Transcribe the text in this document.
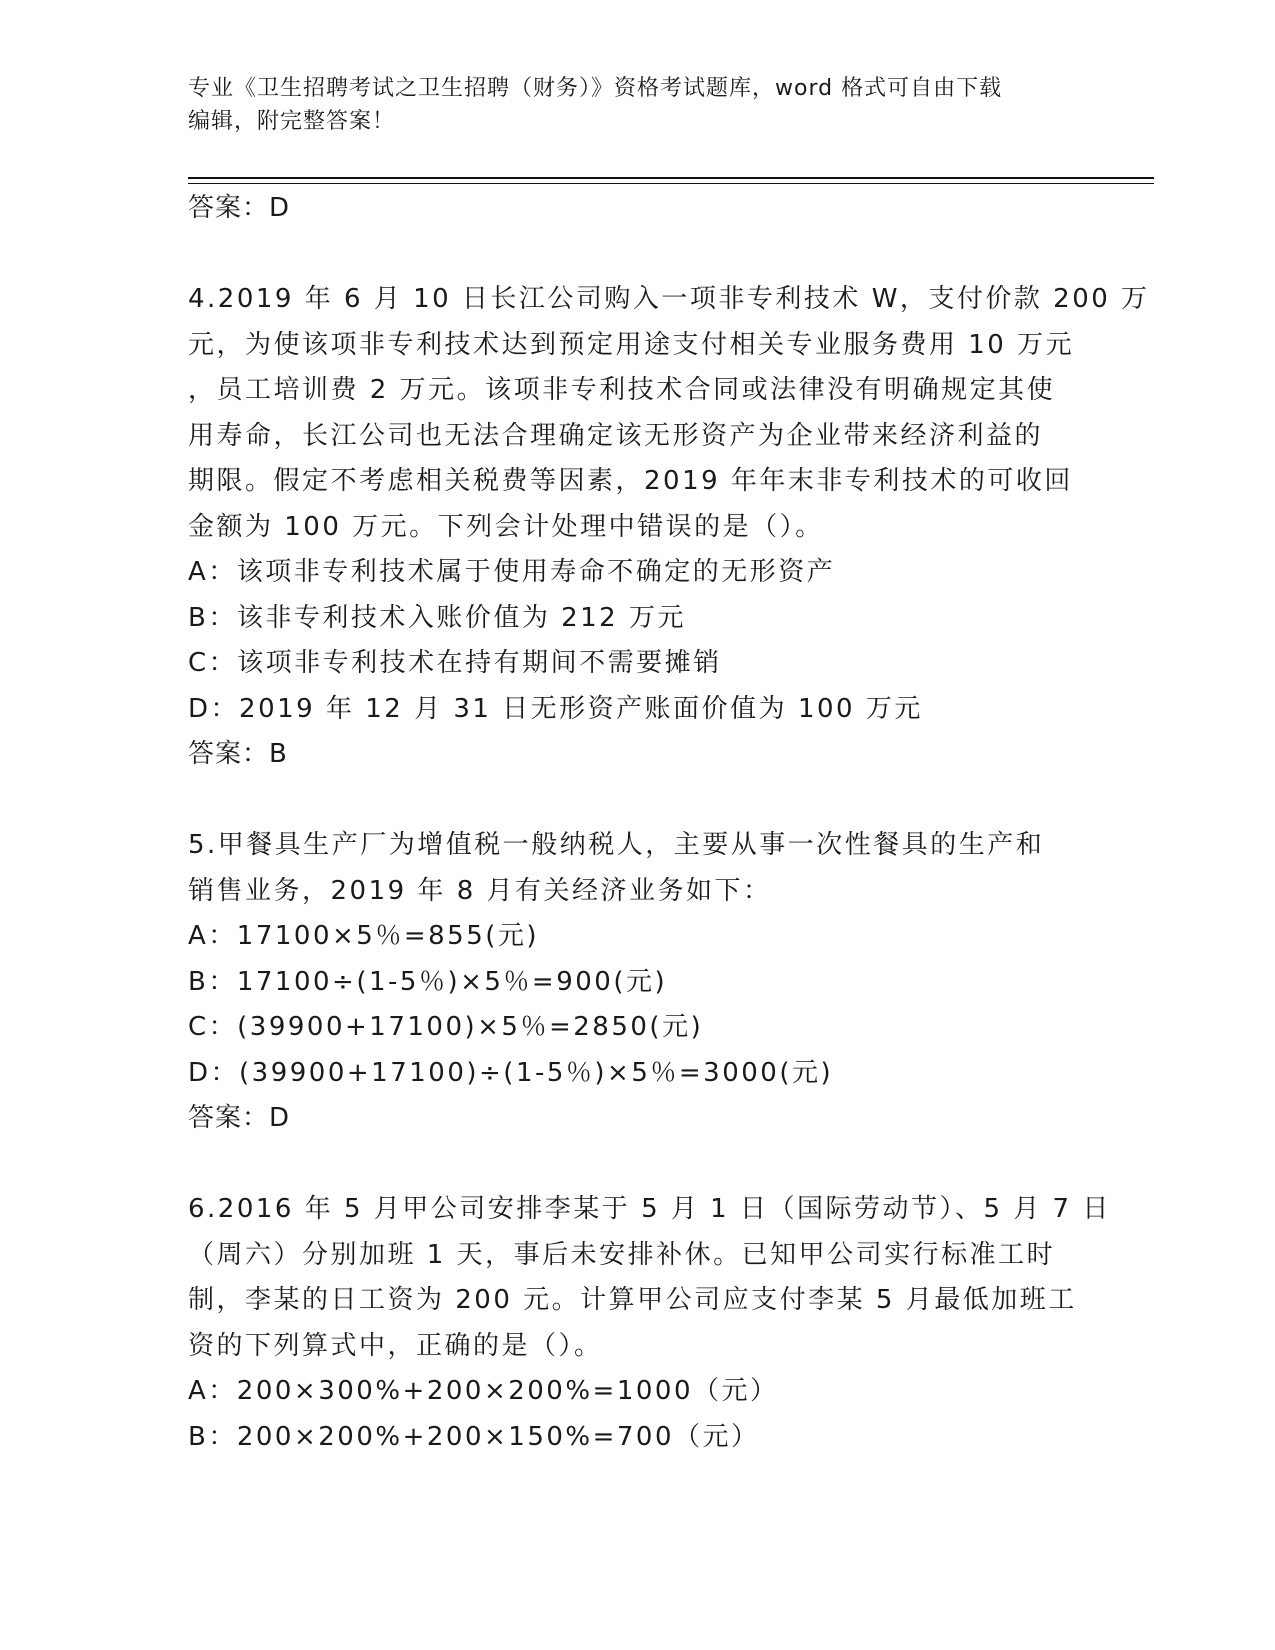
专业《卫生招聘考试之卫生招聘（财务）》资格考试题库，word 格式可自由下载
编辑，附完整答案！
答案：D
4.2019 年 6 月 10 日长江公司购入一项非专利技术 W，支付价款 200 万
元，为使该项非专利技术达到预定用途支付相关专业服务费用 10 万元
，员工培训费 2 万元。该项非专利技术合同或法律没有明确规定其使
用寿命，长江公司也无法合理确定该无形资产为企业带来经济利益的
期限。假定不考虑相关税费等因素，2019 年年末非专利技术的可收回
金额为 100 万元。下列会计处理中错误的是（）。
A：该项非专利技术属于使用寿命不确定的无形资产
B：该非专利技术入账价值为 212 万元
C：该项非专利技术在持有期间不需要摊销
D：2019 年 12 月 31 日无形资产账面价值为 100 万元
答案：B
5.甲餐具生产厂为增值税一般纳税人，主要从事一次性餐具的生产和
销售业务，2019 年 8 月有关经济业务如下：
A：17100×5％=855(元)
B：17100÷(1-5％)×5％=900(元)
C：(39900+17100)×5％=2850(元)
D：(39900+17100)÷(1-5％)×5％=3000(元)
答案：D
6.2016 年 5 月甲公司安排李某于 5 月 1 日（国际劳动节）、5 月 7 日
（周六）分别加班 1 天，事后未安排补休。已知甲公司实行标准工时
制，李某的日工资为 200 元。计算甲公司应支付李某 5 月最低加班工
资的下列算式中，正确的是（）。
A：200×300%+200×200%=1000（元）
B：200×200%+200×150%=700（元）
